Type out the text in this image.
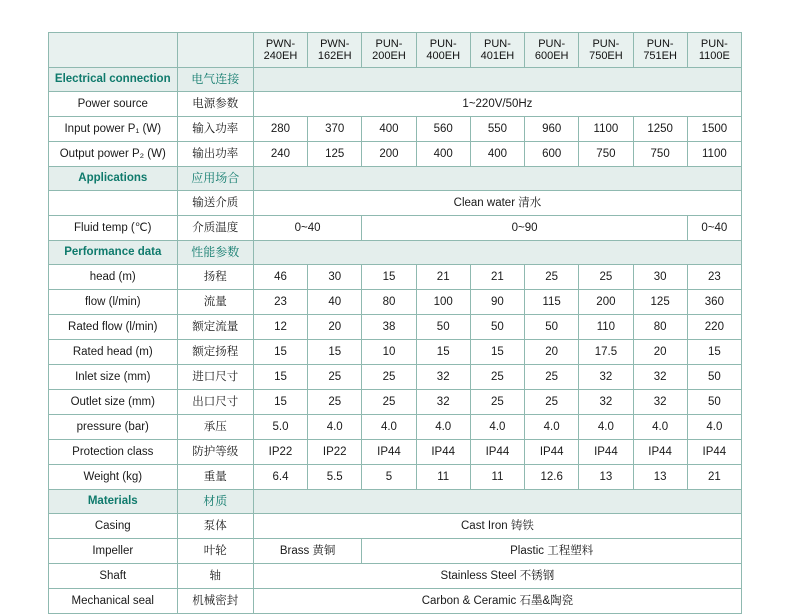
		PWN-240EH	PWN-162EH	PUN-200EH	PUN-400EH	PUN-401EH	PUN-600EH	PUN-750EH	PUN-751EH	PUN-1100E
Electrical connection	电气连接									
Power source	电源参数	1~220V/50Hz								
Input power P₁ (W)	输入功率	280	370	400	560	550	960	1100	1250	1500
Output power P₂ (W)	输出功率	240	125	200	400	400	600	750	750	1100
Applications	应用场合									
	输送介质	Clean water 清水								
Fluid temp (℃)	介质温度	0~40		0~90						0~40
Performance data	性能参数									
head (m)	扬程	46	30	15	21	21	25	25	30	23
flow (l/min)	流量	23	40	80	100	90	115	200	125	360
Rated flow (l/min)	额定流量	12	20	38	50	50	50	110	80	220
Rated head (m)	额定扬程	15	15	10	15	15	20	17.5	20	15
Inlet size (mm)	进口尺寸	15	25	25	32	25	25	32	32	50
Outlet size (mm)	出口尺寸	15	25	25	32	25	25	32	32	50
pressure (bar)	承压	5.0	4.0	4.0	4.0	4.0	4.0	4.0	4.0	4.0
Protection class	防护等级	IP22	IP22	IP44	IP44	IP44	IP44	IP44	IP44	IP44
Weight (kg)	重量	6.4	5.5	5	11	11	12.6	13	13	21
Materials	材质									
Casing	泵体	Cast Iron 铸铁								
Impeller	叶轮	Brass 黄铜		Plastic 工程塑料						
Shaft	轴	Stainless Steel 不锈钢								
Mechanical seal	机械密封	Carbon & Ceramic 石墨&陶瓷								
